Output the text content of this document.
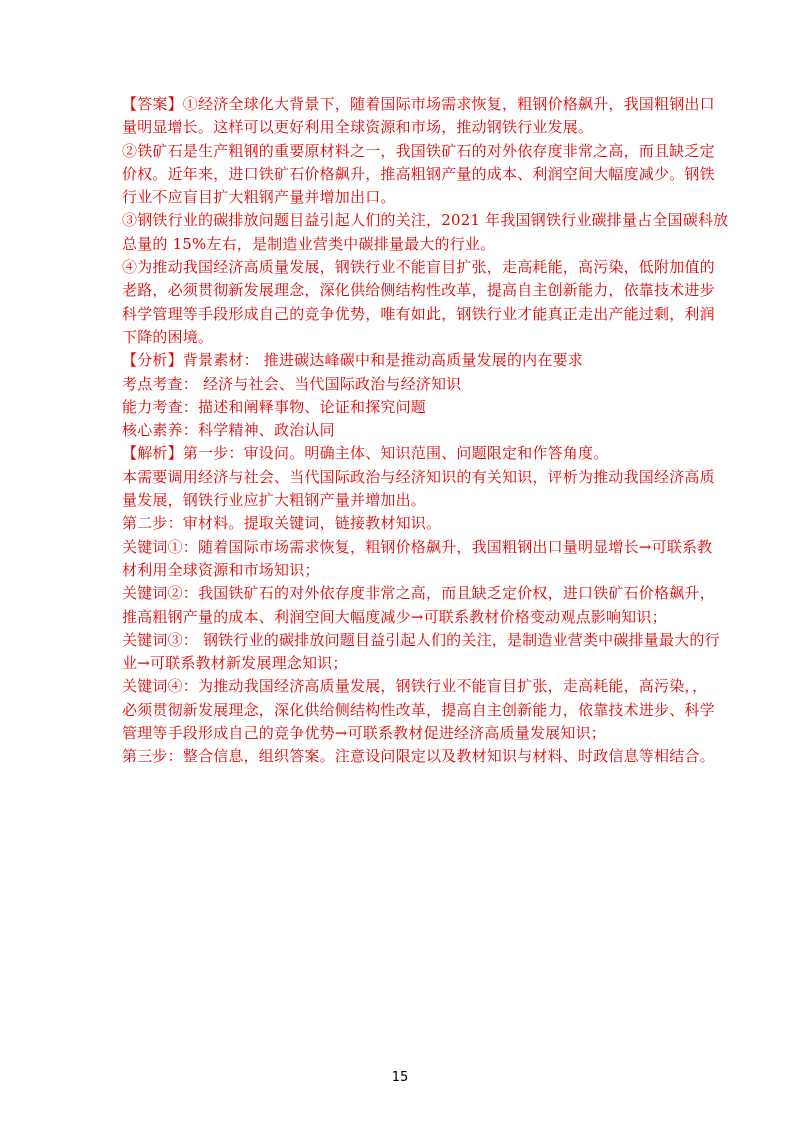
【答案】①经济全球化大背景下，随着国际市场需求恢复，粗钢价格飙升，我国粗钢出口
量明显增长。这样可以更好利用全球资源和市场，推动钢铁行业发展。
②铁矿石是生产粗钢的重要原材料之一，我国铁矿石的对外依存度非常之高，而且缺乏定
价权。近年来，进口铁矿石价格飙升，推高粗钢产量的成本、利润空间大幅度减少。钢铁
行业不应盲目扩大粗钢产量并增加出口。
③钢铁行业的碳排放问题目益引起人们的关注，2021 年我国钢铁行业碳排量占全国碳科放
总量的 15%左右，是制造业营类中碳排量最大的行业。
④为推动我国经济高质量发展，钢铁行业不能盲目扩张，走高耗能，高污染，低附加值的
老路，必须贯彻新发展理念，深化供给侧结构性改革，提高自主创新能力，依靠技术进步
科学管理等手段形成自己的竞争优势，唯有如此，钢铁行业才能真正走出产能过剩，利润
下降的困境。
【分析】背景素材： 推进碳达峰碳中和是推动高质量发展的内在要求
考点考查： 经济与社会、当代国际政治与经济知识
能力考查：描述和阐释事物、论证和探究问题
核心素养：科学精神、政治认同
【解析】第一步：审设问。明确主体、知识范围、问题限定和作答角度。
本需要调用经济与社会、当代国际政治与经济知识的有关知识，评析为推动我国经济高质
量发展，钢铁行业应扩大粗钢产量并增加出。
第二步：审材料。提取关键词，链接教材知识。
关键词①：随着国际市场需求恢复，粗钢价格飙升，我国粗钢出口量明显增长→可联系教
材利用全球资源和市场知识；
关键词②：我国铁矿石的对外依存度非常之高，而且缺乏定价权，进口铁矿石价格飙升，
推高粗钢产量的成本、利润空间大幅度减少→可联系教材价格变动观点影响知识；
关键词③： 钢铁行业的碳排放问题目益引起人们的关注，是制造业营类中碳排量最大的行
业→可联系教材新发展理念知识；
关键词④：为推动我国经济高质量发展，钢铁行业不能盲目扩张，走高耗能，高污染，，
必须贯彻新发展理念，深化供给侧结构性改革，提高自主创新能力，依靠技术进步、科学
管理等手段形成自己的竞争优势→可联系教材促进经济高质量发展知识；
第三步：整合信息，组织答案。注意设问限定以及教材知识与材料、时政信息等相结合。
15
